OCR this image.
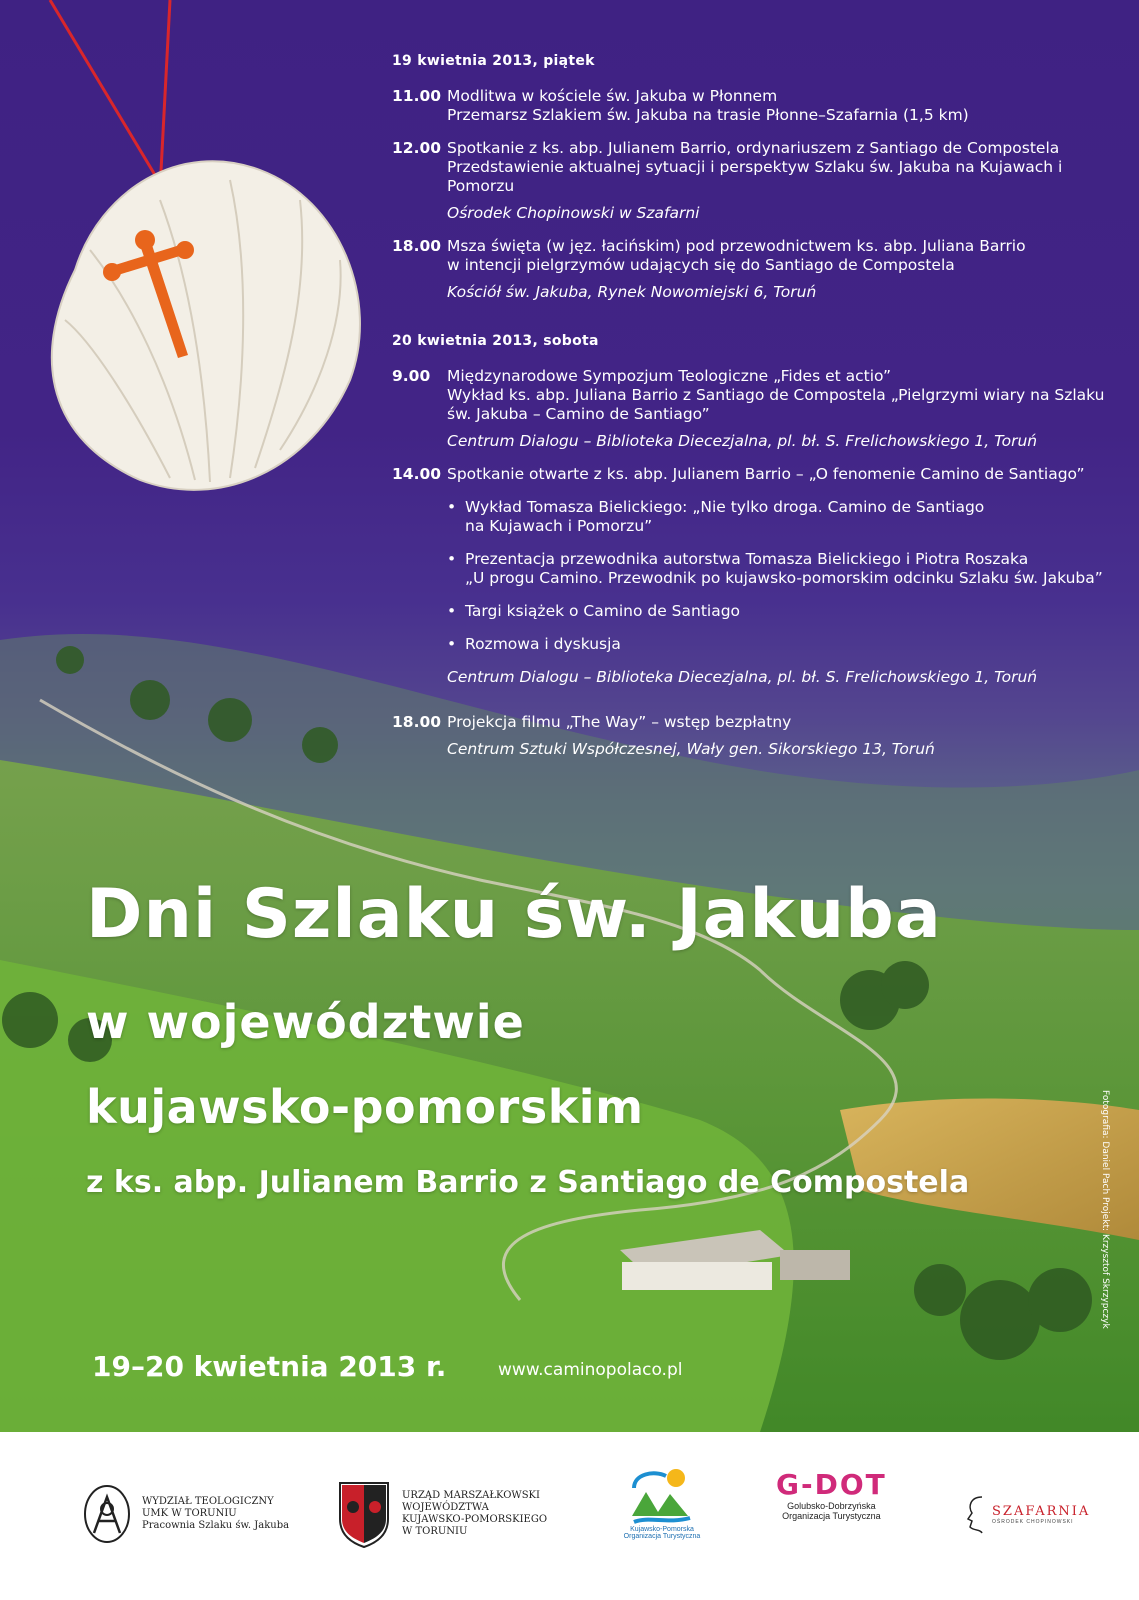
19 kwietnia 2013, piątek
11.00 Modlitwa w kościele św. Jakuba w Płonnem
Przemarsz Szlakiem św. Jakuba na trasie Płonne–Szafarnia (1,5 km)
12.00 Spotkanie z ks. abp. Julianem Barrio, ordynariuszem z Santiago de Compostela
Przedstawienie aktualnej sytuacji i perspektyw Szlaku św. Jakuba na Kujawach i Pomorzu
Ośrodek Chopinowski w Szafarni
18.00 Msza święta (w jęz. łacińskim) pod przewodnictwem ks. abp. Juliana Barrio
w intencji pielgrzymów udających się do Santiago de Compostela
Kościół św. Jakuba, Rynek Nowomiejski 6, Toruń
20 kwietnia 2013, sobota
9.00	Międzynarodowe Sympozjum Teologiczne „Fides et actio”
Wykład ks. abp. Juliana Barrio z Santiago de Compostela „Pielgrzymi wiary na Szlaku
św. Jakuba – Camino de Santiago”
Centrum Dialogu – Biblioteka Diecezjalna, pl. bł. S. Frelichowskiego 1, Toruń
14.00 Spotkanie otwarte z ks. abp. Julianem Barrio – „O fenomenie Camino de Santiago”
• Wykład Tomasza Bielickiego: „Nie tylko droga. Camino de Santiago
na Kujawach i Pomorzu”
• Prezentacja przewodnika autorstwa Tomasza Bielickiego i Piotra Roszaka
„U progu Camino. Przewodnik po kujawsko-pomorskim odcinku Szlaku św. Jakuba”
• Targi książek o Camino de Santiago
• Rozmowa i dyskusja
Centrum Dialogu – Biblioteka Diecezjalna, pl. bł. S. Frelichowskiego 1, Toruń
18.00 Projekcja filmu „The Way” – wstęp bezpłatny
Centrum Sztuki Współczesnej, Wały gen. Sikorskiego 13, Toruń
Dni Szlaku św. Jakuba
w województwie
kujawsko-pomorskim
z ks. abp. Julianem Barrio z Santiago de Compostela
19–20 kwietnia 2013 r.	www.caminopolaco.pl
Fotografia: Daniel Pach Projekt: Krzysztof Skrzypczyk
WYDZIAŁ TEOLOGICZNY
UMK W TORUNIU
Pracownia Szlaku św. Jakuba
URZĄD MARSZAŁKOWSKI
WOJEWÓDZTWA
KUJAWSKO-POMORSKIEGO
W TORUNIU	Kujawsko-Pomorska Organizacja Turystyczna
G-DOT
Golubsko-Dobrzyńska
Organizacja Turystyczna	SZAFARNIA
OŚRODEK CHOPINOWSKI
